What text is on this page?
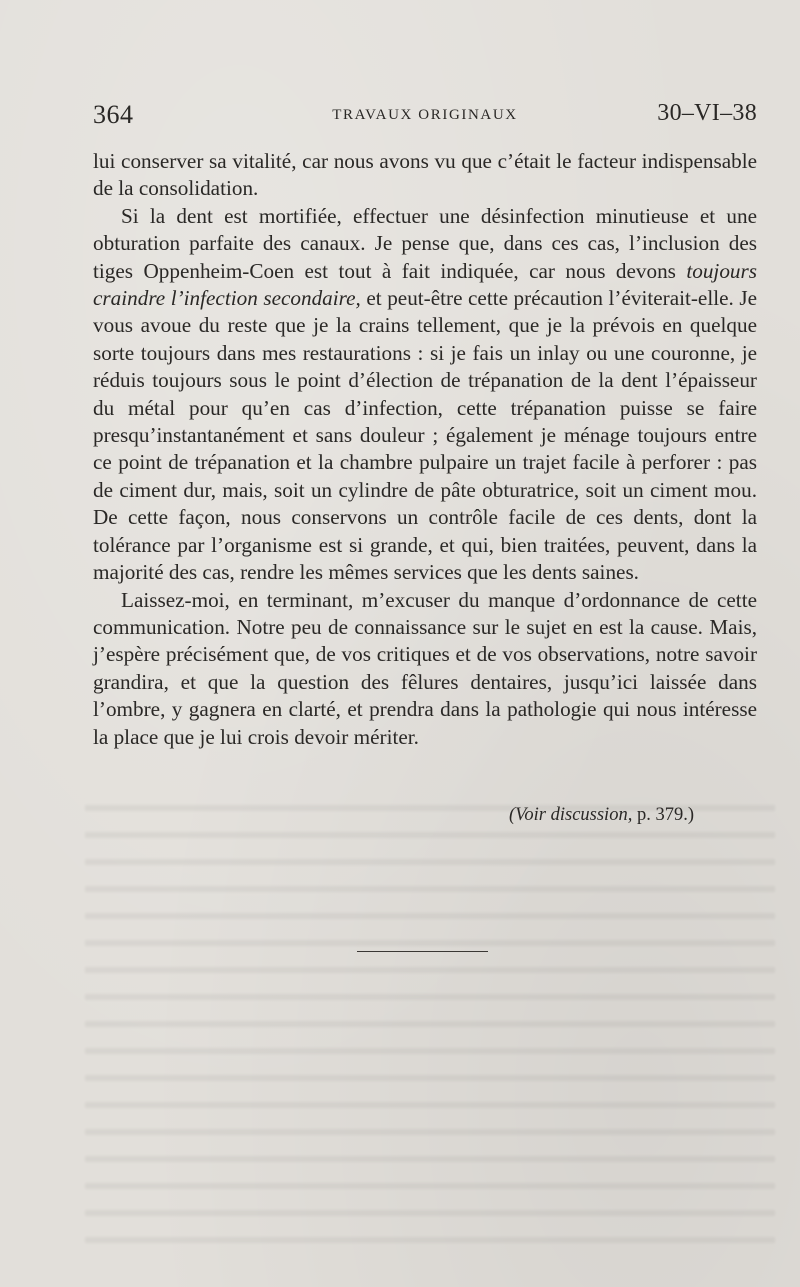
364	TRAVAUX ORIGINAUX	30–VI–38

lui conserver sa vitalité, car nous avons vu que c’était le facteur indispensable de la consolidation.

Si la dent est mortifiée, effectuer une désinfection minutieuse et une obturation parfaite des canaux. Je pense que, dans ces cas, l’inclusion des tiges Oppenheim-Coen est tout à fait indiquée, car nous devons toujours craindre l’infection secondaire, et peut-être cette précaution l’éviterait-elle. Je vous avoue du reste que je la crains tellement, que je la prévois en quelque sorte toujours dans mes restaurations : si je fais un inlay ou une couronne, je réduis toujours sous le point d’élection de trépanation de la dent l’épaisseur du métal pour qu’en cas d’infection, cette trépanation puisse se faire presqu’instantanément et sans douleur ; également je ménage toujours entre ce point de trépanation et la chambre pulpaire un trajet facile à perforer : pas de ciment dur, mais, soit un cylindre de pâte obturatrice, soit un ciment mou. De cette façon, nous conservons un contrôle facile de ces dents, dont la tolérance par l’organisme est si grande, et qui, bien traitées, peuvent, dans la majorité des cas, rendre les mêmes services que les dents saines.

Laissez-moi, en terminant, m’excuser du manque d’ordonnance de cette communication. Notre peu de connaissance sur le sujet en est la cause. Mais, j’espère précisément que, de vos critiques et de vos observations, notre savoir grandira, et que la question des fêlures dentaires, jusqu’ici laissée dans l’ombre, y gagnera en clarté, et prendra dans la pathologie qui nous intéresse la place que je lui crois devoir mériter.

(Voir discussion, p. 379.)
